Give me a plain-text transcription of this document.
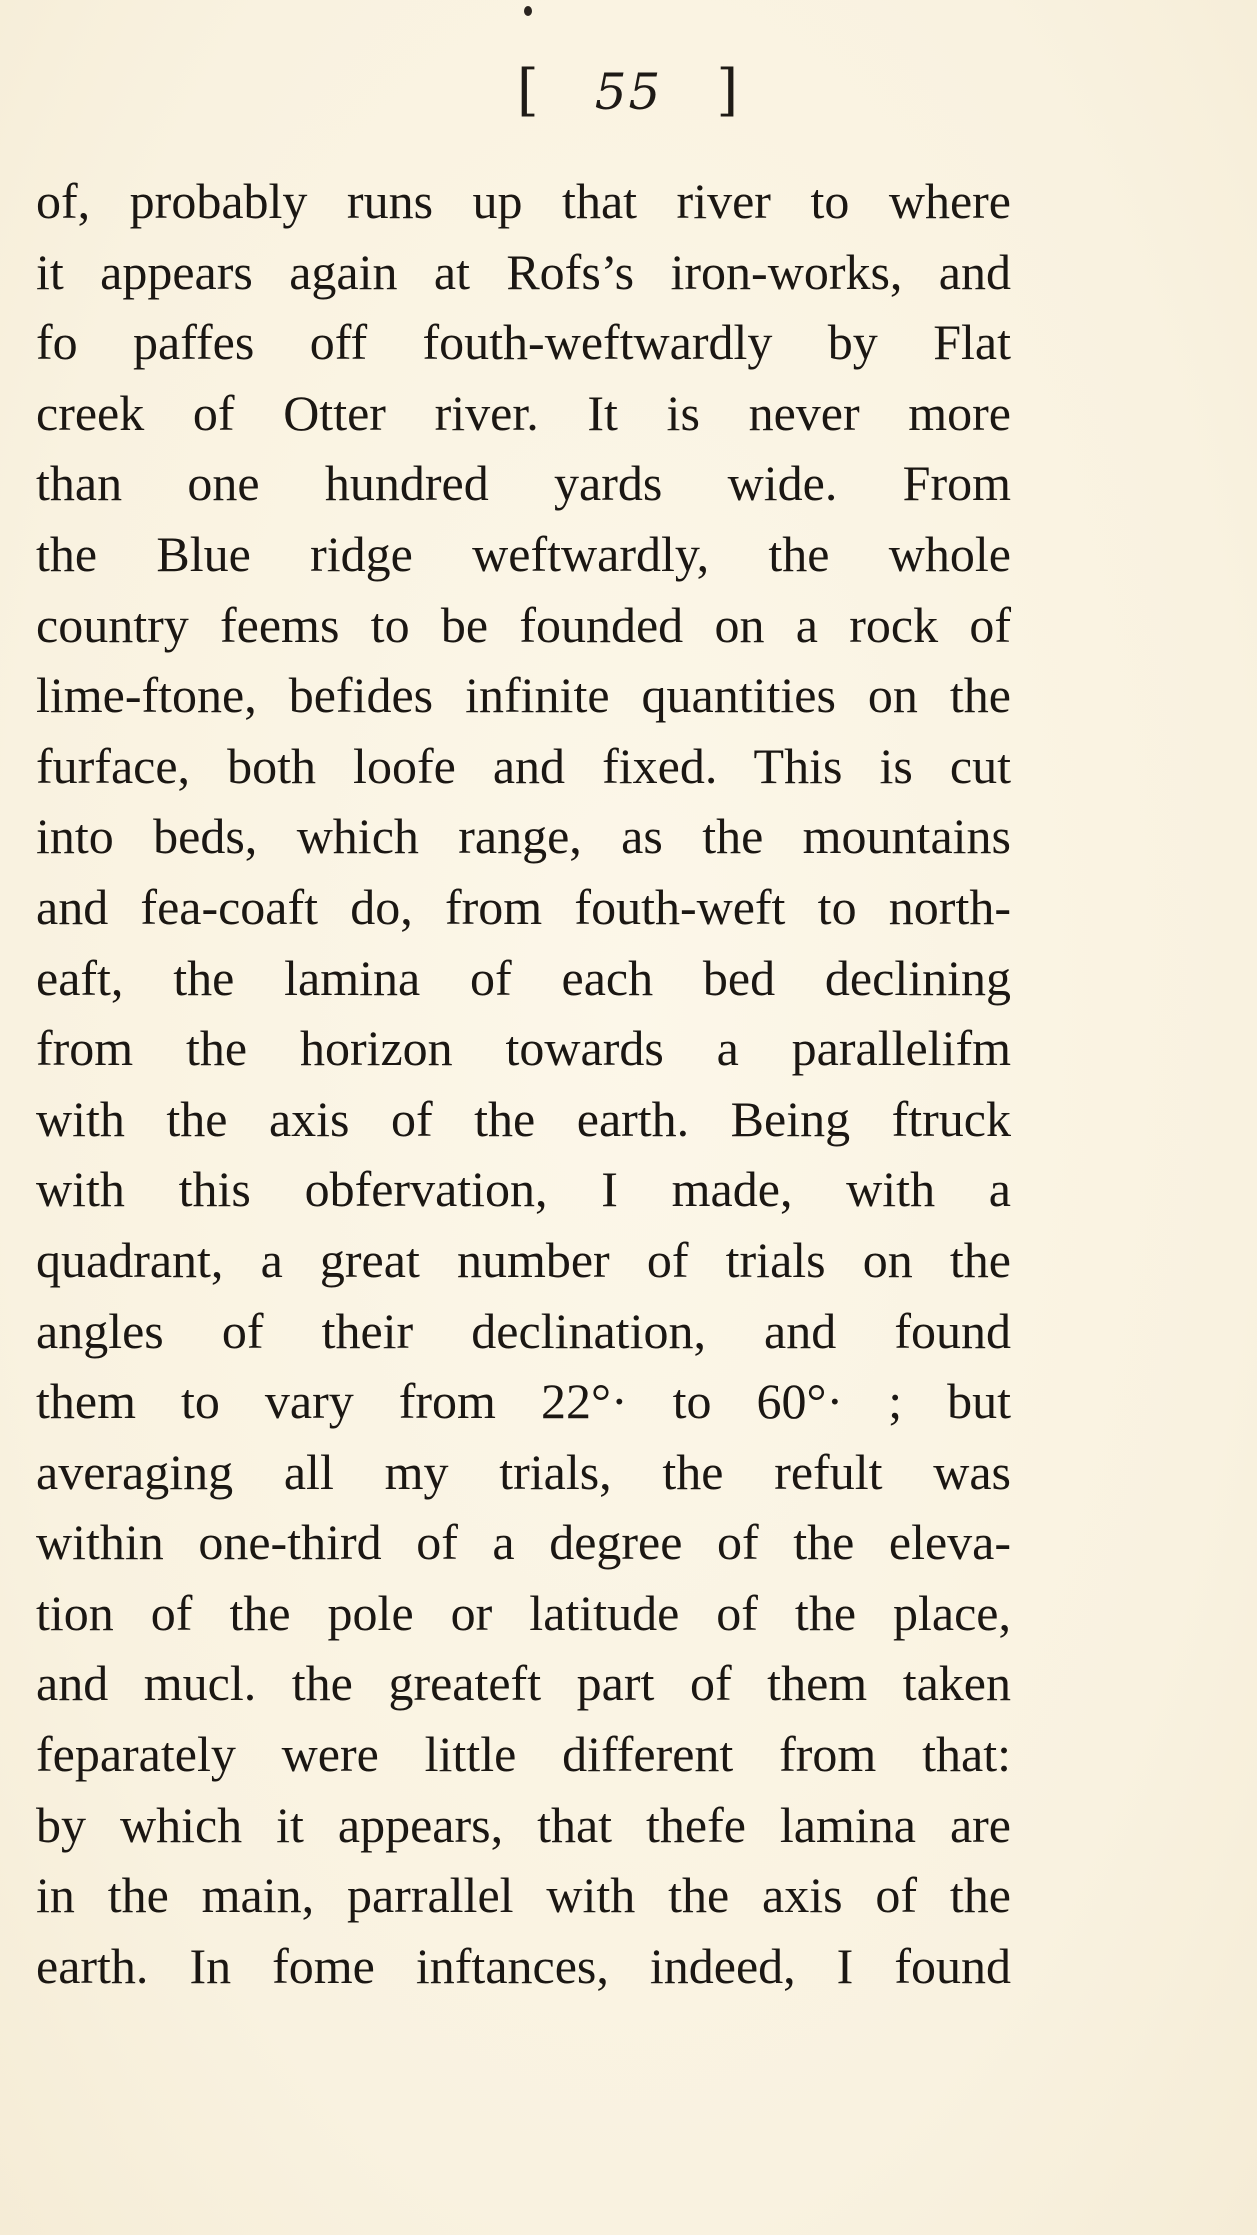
[ 55 ]
of, probably runs up that river to where
it appears again at Rofs’s iron-works, and
fo paffes off fouth-weftwardly by Flat
creek of Otter river. It is never more
than one hundred yards wide. From
the Blue ridge weftwardly, the whole
country feems to be founded on a rock of
lime-ftone, befides infinite quantities on the
furface, both loofe and fixed. This is cut
into beds, which range, as the mountains
and fea-coaft do, from fouth-weft to north-
eaft, the lamina of each bed declining
from the horizon towards a parallelifm
with the axis of the earth. Being ftruck
with this obfervation, I made, with a
quadrant, a great number of trials on the
angles of their declination, and found
them to vary from 22°· to 60°· ; but
averaging all my trials, the refult was
within one-third of a degree of the eleva-
tion of the pole or latitude of the place,
and mucl. the greateft part of them taken
feparately were little different from that:
by which it appears, that thefe lamina are
in the main, parrallel with the axis of the
earth. In fome inftances, indeed, I found
